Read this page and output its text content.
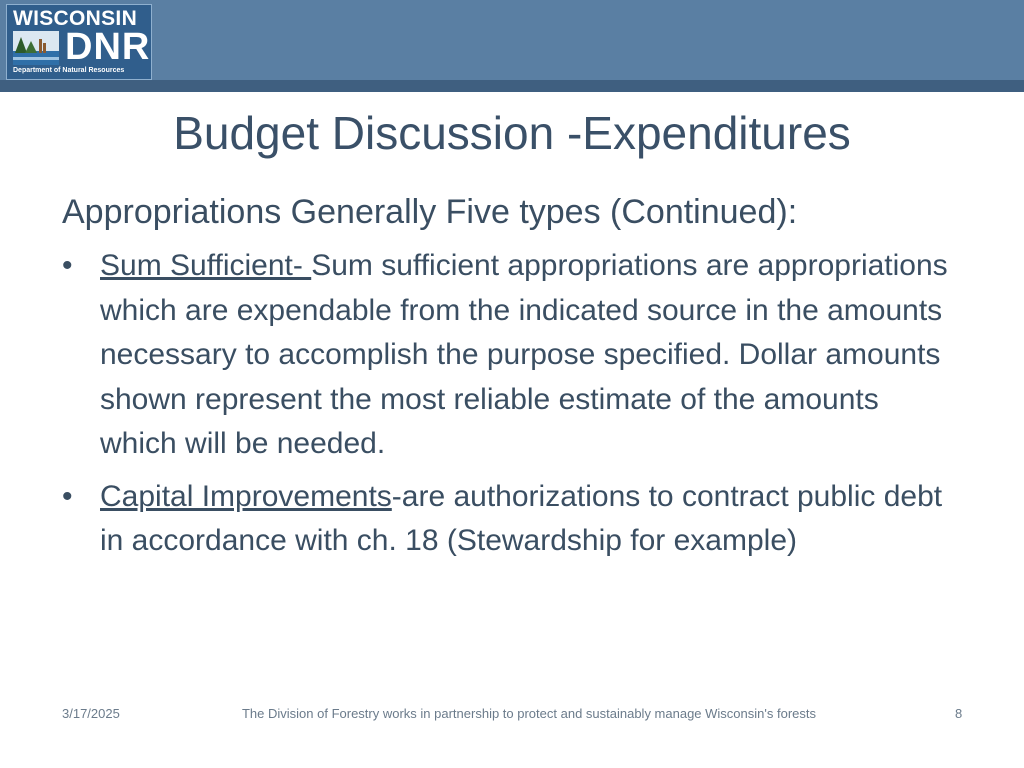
WISCONSIN
DNR
Department of Natural Resources
Budget Discussion -Expenditures
Appropriations Generally Five types (Continued):
• Sum Sufficient- Sum sufficient appropriations are appropriations which are expendable from the indicated source in the amounts necessary to accomplish the purpose specified. Dollar amounts shown represent the most reliable estimate of the amounts which will be needed.
• Capital Improvements-are authorizations to contract public debt in accordance with ch. 18 (Stewardship for example)
3/17/2025	The Division of Forestry works in partnership to protect and sustainably manage Wisconsin's forests	8
